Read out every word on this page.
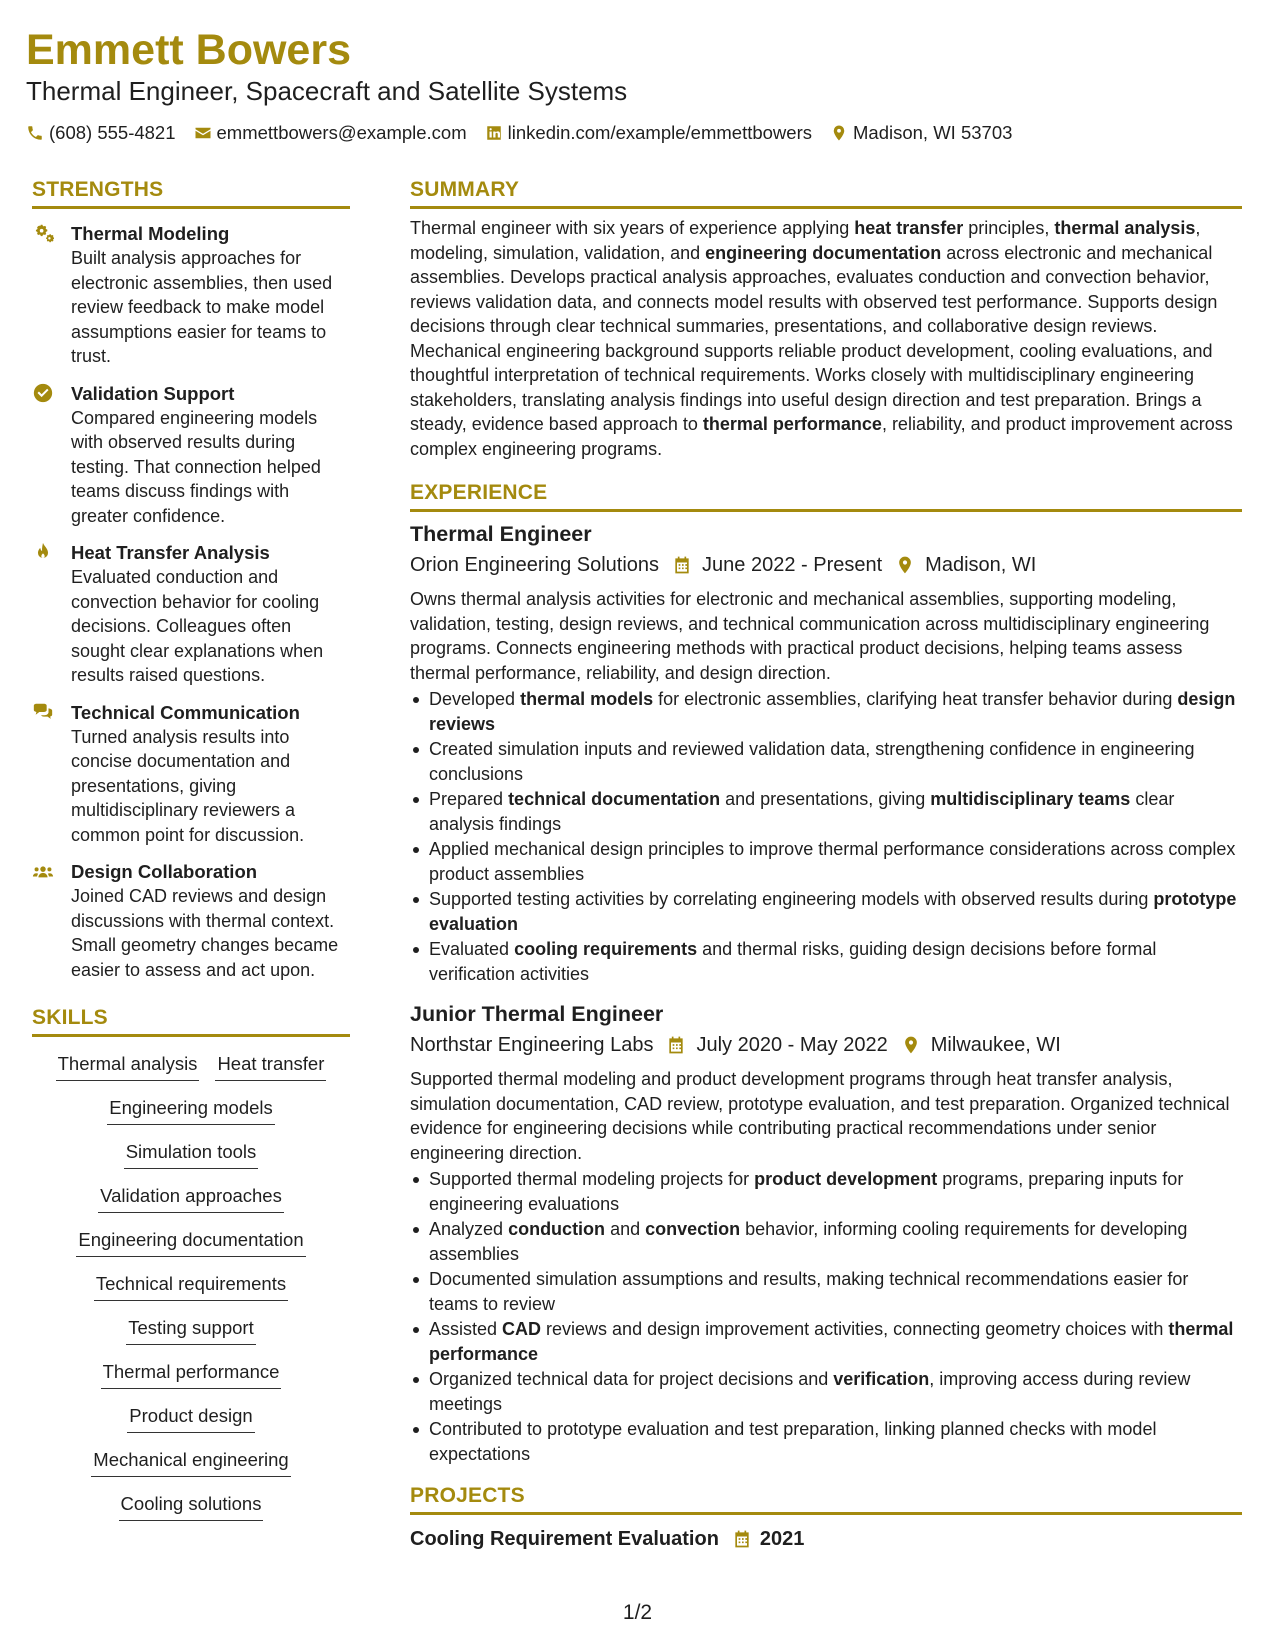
Emmett Bowers
Thermal Engineer, Spacecraft and Satellite Systems
(608) 555-4821 emmettbowers@example.com linkedin.com/example/emmettbowers Madison, WI 53703
STRENGTHS
Thermal Modeling

Built analysis approaches for electronic assemblies, then used review feedback to make model assumptions easier for teams to trust.

Validation Support

Compared engineering models with observed results during testing. That connection helped teams discuss findings with greater confidence.

Heat Transfer Analysis

Evaluated conduction and convection behavior for cooling decisions. Colleagues often sought clear explanations when results raised questions.

Technical Communication

Turned analysis results into concise documentation and presentations, giving multidisciplinary reviewers a common point for discussion.

Design Collaboration

Joined CAD reviews and design discussions with thermal context. Small geometry changes became easier to assess and act upon.

SKILLS
Thermal analysis Heat transfer
Engineering models
Simulation tools
Validation approaches
Engineering documentation
Technical requirements
Testing support
Thermal performance
Product design
Mechanical engineering
Cooling solutions
SUMMARY

Thermal engineer with six years of experience applying heat transfer principles, thermal analysis, modeling, simulation, validation, and engineering documentation across electronic and mechanical assemblies. Develops practical analysis approaches, evaluates conduction and convection behavior, reviews validation data, and connects model results with observed test performance. Supports design decisions through clear technical summaries, presentations, and collaborative design reviews. Mechanical engineering background supports reliable product development, cooling evaluations, and thoughtful interpretation of technical requirements. Works closely with multidisciplinary engineering stakeholders, translating analysis findings into useful design direction and test preparation. Brings a steady, evidence based approach to thermal performance, reliability, and product improvement across complex engineering programs.

EXPERIENCE
Thermal Engineer
Orion Engineering Solutions June 2022 - Present Madison, WI

Owns thermal analysis activities for electronic and mechanical assemblies, supporting modeling, validation, testing, design reviews, and technical communication across multidisciplinary engineering programs. Connects engineering methods with practical product decisions, helping teams assess thermal performance, reliability, and design direction.

Developed thermal models for electronic assemblies, clarifying heat transfer behavior during design reviews
Created simulation inputs and reviewed validation data, strengthening confidence in engineering conclusions
Prepared technical documentation and presentations, giving multidisciplinary teams clear analysis findings
Applied mechanical design principles to improve thermal performance considerations across complex product assemblies
Supported testing activities by correlating engineering models with observed results during prototype evaluation
Evaluated cooling requirements and thermal risks, guiding design decisions before formal verification activities
Junior Thermal Engineer
Northstar Engineering Labs July 2020 - May 2022 Milwaukee, WI

Supported thermal modeling and product development programs through heat transfer analysis, simulation documentation, CAD review, prototype evaluation, and test preparation. Organized technical evidence for engineering decisions while contributing practical recommendations under senior engineering direction.

Supported thermal modeling projects for product development programs, preparing inputs for engineering evaluations
Analyzed conduction and convection behavior, informing cooling requirements for developing assemblies
Documented simulation assumptions and results, making technical recommendations easier for teams to review
Assisted CAD reviews and design improvement activities, connecting geometry choices with thermal performance
Organized technical data for project decisions and verification, improving access during review meetings
Contributed to prototype evaluation and test preparation, linking planned checks with model expectations
PROJECTS
Cooling Requirement Evaluation 2021
1/2
